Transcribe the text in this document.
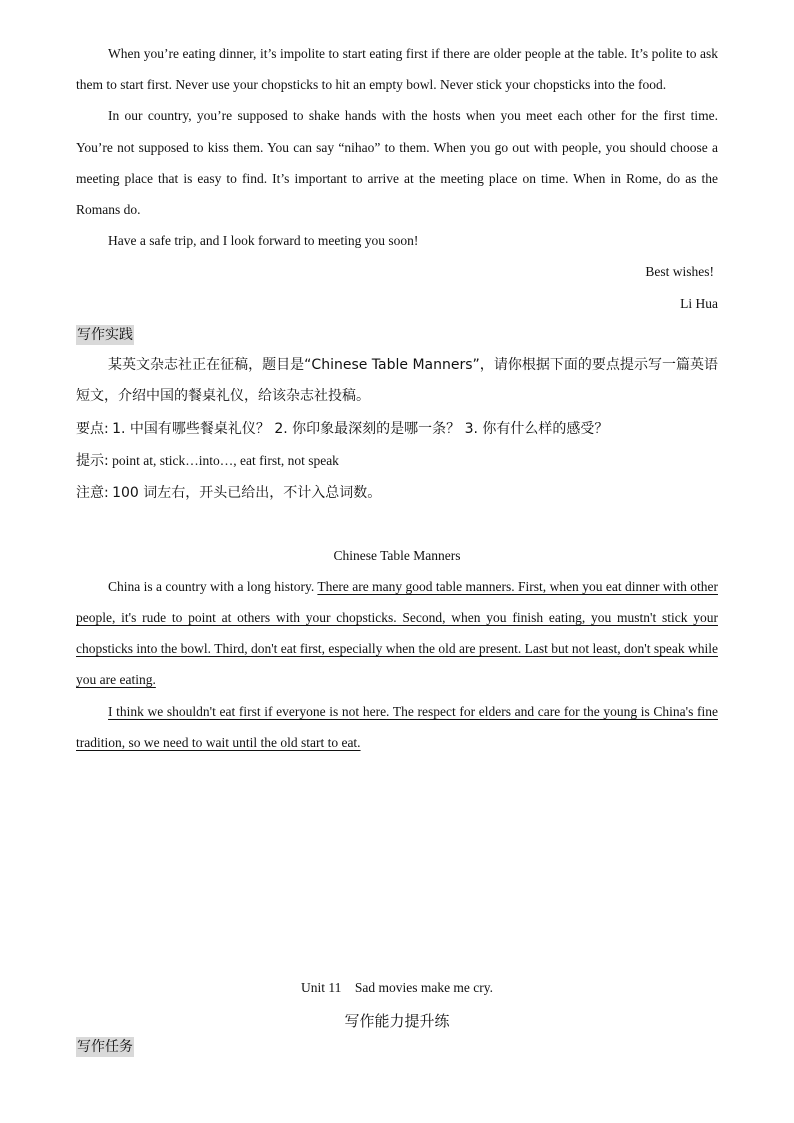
When you’re eating dinner, it’s impolite to start eating first if there are older people at the table. It’s polite to ask them to start first. Never use your chopsticks to hit an empty bowl. Never stick your chopsticks into the food.

In our country, you’re supposed to shake hands with the hosts when you meet each other for the first time. You’re not supposed to kiss them. You can say “nihao” to them. When you go out with people, you should choose a meeting place that is easy to find. It’s important to arrive at the meeting place on time. When in Rome, do as the Romans do.

Have a safe trip, and I look forward to meeting you soon!

Best wishes!

Li Hua

写作实践

某英文杂志社正在征稿，题目是“Chinese Table Manners”，请你根据下面的要点提示写一篇英语短文，介绍中国的餐桌礼仪，给该杂志社投稿。

要点: 1. 中国有哪些餐桌礼仪？ 2. 你印象最深刻的是哪一条？ 3. 你有什么样的感受？

提示: point at, stick…into…, eat first, not speak

注意: 100 词左右，开头已给出，不计入总词数。

Chinese Table Manners

China is a country with a long history. There are many good table manners. First, when you eat dinner with other people, it's rude to point at others with your chopsticks. Second, when you finish eating, you mustn't stick your chopsticks into the bowl. Third, don't eat first, especially when the old are present. Last but not least, don't speak while you are eating.

I think we shouldn't eat first if everyone is not here. The respect for elders and care for the young is China's fine tradition, so we need to wait until the old start to eat.

Unit 11    Sad movies make me cry.

写作能力提升练

写作任务
